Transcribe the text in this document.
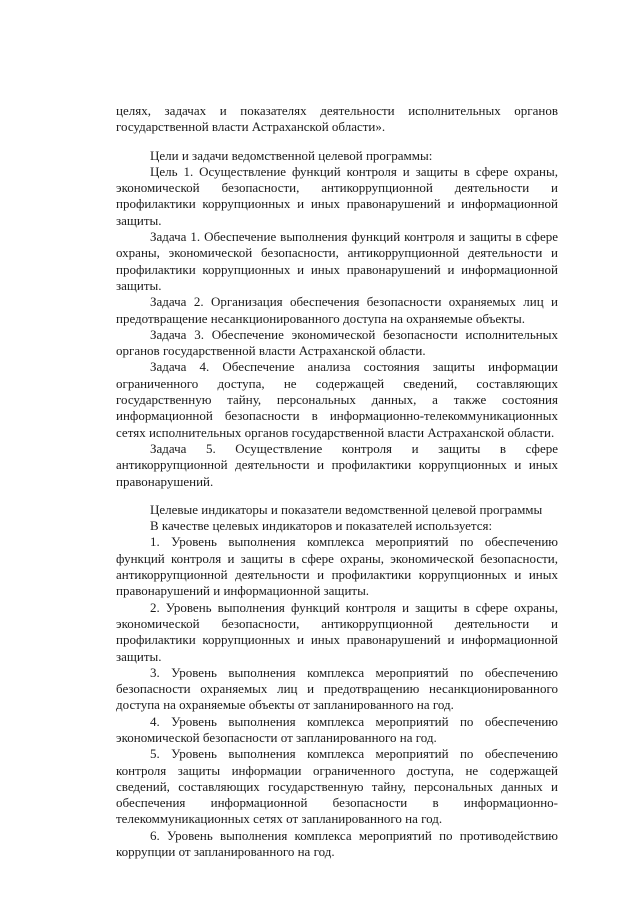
целях, задачах и показателях деятельности исполнительных органов государственной власти Астраханской области».

Цели и задачи ведомственной целевой программы:

Цель 1. Осуществление функций контроля и защиты в сфере охраны, экономической безопасности, антикоррупционной деятельности и профилактики коррупционных и иных правонарушений и информационной защиты.

Задача 1. Обеспечение выполнения функций контроля и защиты в сфере охраны, экономической безопасности, антикоррупционной деятельности и профилактики коррупционных и иных правонарушений и информационной защиты.

Задача 2. Организация обеспечения безопасности охраняемых лиц и предотвращение несанкционированного доступа на охраняемые объекты.

Задача 3. Обеспечение экономической безопасности исполнительных органов государственной власти Астраханской области.

Задача 4. Обеспечение анализа состояния защиты информации ограниченного доступа, не содержащей сведений, составляющих государственную тайну, персональных данных, а также состояния информационной безопасности в информационно-телекоммуникационных сетях исполнительных органов государственной власти Астраханской области.

Задача 5. Осуществление контроля и защиты в сфере антикоррупционной деятельности и профилактики коррупционных и иных правонарушений.

Целевые индикаторы и показатели ведомственной целевой программы

В качестве целевых индикаторов и показателей используется:

1. Уровень выполнения комплекса мероприятий по обеспечению функций контроля и защиты в сфере охраны, экономической безопасности, антикоррупционной деятельности и профилактики коррупционных и иных правонарушений и информационной защиты.

2. Уровень выполнения функций контроля и защиты в сфере охраны, экономической безопасности, антикоррупционной деятельности и профилактики коррупционных и иных правонарушений и информационной защиты.

3. Уровень выполнения комплекса мероприятий по обеспечению безопасности охраняемых лиц и предотвращению несанкционированного доступа на охраняемые объекты от запланированного на год.

4. Уровень выполнения комплекса мероприятий по обеспечению экономической безопасности от запланированного на год.

5. Уровень выполнения комплекса мероприятий по обеспечению контроля защиты информации ограниченного доступа, не содержащей сведений, составляющих государственную тайну, персональных данных и обеспечения информационной безопасности в информационно-телекоммуникационных сетях от запланированного на год.

6. Уровень выполнения комплекса мероприятий по противодействию коррупции от запланированного на год.
